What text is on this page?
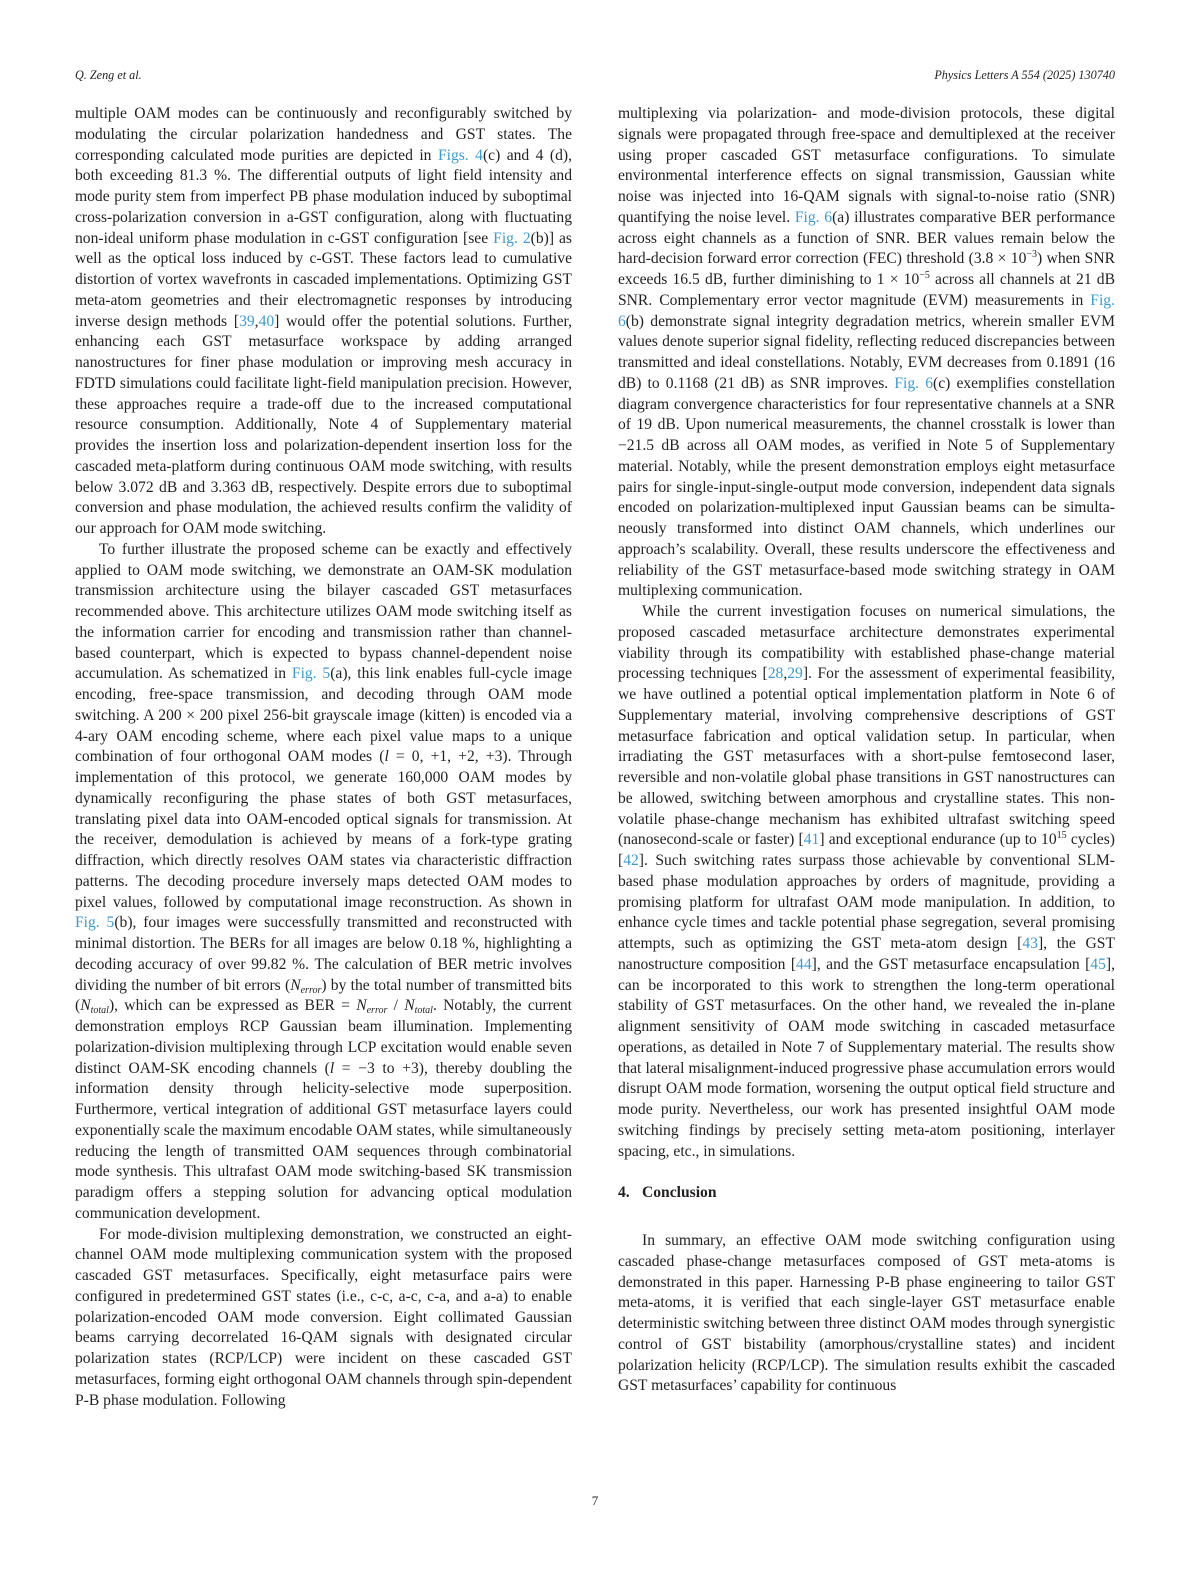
Q. Zeng et al.	Physics Letters A 554 (2025) 130740

multiple OAM modes can be continuously and reconfigurably switched by modulating the circular polarization handedness and GST states. The corresponding calculated mode purities are depicted in Figs. 4(c) and 4 (d), both exceeding 81.3 %. The differential outputs of light field intensity and mode purity stem from imperfect PB phase modulation induced by suboptimal cross-polarization conversion in a-GST configuration, along with fluctuating non-ideal uniform phase modulation in c-GST configuration [see Fig. 2(b)] as well as the optical loss induced by c-GST. These factors lead to cumulative distortion of vortex wavefronts in cascaded implementations. Optimizing GST meta-atom geometries and their electromagnetic responses by introducing inverse design methods [39,40] would offer the potential solutions. Further, enhancing each GST metasurface workspace by adding arranged nanostructures for finer phase modulation or improving mesh accuracy in FDTD simulations could facilitate light-field manipulation precision. However, these approaches require a trade-off due to the increased computational resource consumption. Additionally, Note 4 of Supplementary material provides the insertion loss and polarization-dependent insertion loss for the cascaded meta-platform during continuous OAM mode switching, with results below 3.072 dB and 3.363 dB, respectively. Despite errors due to suboptimal conversion and phase modulation, the achieved results confirm the validity of our approach for OAM mode switching.

To further illustrate the proposed scheme can be exactly and effectively applied to OAM mode switching, we demonstrate an OAM-SK modulation transmission architecture using the bilayer cascaded GST metasurfaces recommended above. This architecture utilizes OAM mode switching itself as the information carrier for encoding and transmission rather than channel-based counterpart, which is expected to bypass channel-dependent noise accumulation. As schematized in Fig. 5(a), this link enables full-cycle image encoding, free-space transmission, and decoding through OAM mode switching. A 200 × 200 pixel 256-bit grayscale image (kitten) is encoded via a 4-ary OAM encoding scheme, where each pixel value maps to a unique combination of four orthogonal OAM modes (l = 0, +1, +2, +3). Through implementation of this protocol, we generate 160,000 OAM modes by dynamically reconfiguring the phase states of both GST metasurfaces, translating pixel data into OAM-encoded optical signals for transmission. At the receiver, demodulation is achieved by means of a fork-type grating diffraction, which directly resolves OAM states via characteristic diffraction patterns. The decoding procedure inversely maps detected OAM modes to pixel values, followed by computational image reconstruction. As shown in Fig. 5(b), four images were successfully transmitted and reconstructed with minimal distortion. The BERs for all images are below 0.18 %, highlighting a decoding accuracy of over 99.82 %. The calculation of BER metric involves dividing the number of bit errors $(N_{error})$ by the total number of transmitted bits $(N_{total})$, which can be expressed as BER = $N_{error} / N_{total}$. Notably, the current demonstration employs RCP Gaussian beam illumination. Implementing polarization-division multiplexing through LCP excitation would enable seven distinct OAM-SK encoding channels (l = −3 to +3), thereby doubling the information density through helicity-selective mode superposition. Furthermore, vertical integration of additional GST metasurface layers could exponentially scale the maximum encodable OAM states, while simultaneously reducing the length of transmitted OAM sequences through combinatorial mode synthesis. This ultrafast OAM mode switching-based SK transmission paradigm offers a stepping solution for advancing optical modulation communication development.

For mode-division multiplexing demonstration, we constructed an eight-channel OAM mode multiplexing communication system with the proposed cascaded GST metasurfaces. Specifically, eight metasurface pairs were configured in predetermined GST states (i.e., c-c, a-c, c-a, and a-a) to enable polarization-encoded OAM mode conversion. Eight collimated Gaussian beams carrying decorrelated 16-QAM signals with designated circular polarization states (RCP/LCP) were incident on these cascaded GST metasurfaces, forming eight orthogonal OAM channels through spin-dependent P-B phase modulation. Following

multiplexing via polarization- and mode-division protocols, these digital signals were propagated through free-space and demultiplexed at the receiver using proper cascaded GST metasurface configurations. To simulate environmental interference effects on signal transmission, Gaussian white noise was injected into 16-QAM signals with signal-to-noise ratio (SNR) quantifying the noise level. Fig. 6(a) illustrates comparative BER performance across eight channels as a function of SNR. BER values remain below the hard-decision forward error correction (FEC) threshold $(3.8 \times 10^{-3})$ when SNR exceeds 16.5 dB, further diminishing to $1 \times 10^{-5}$ across all channels at 21 dB SNR. Complementary error vector magnitude (EVM) measurements in Fig. 6(b) demonstrate signal integrity degradation metrics, wherein smaller EVM values denote superior signal fidelity, reflecting reduced discrepancies between transmitted and ideal constellations. Notably, EVM decreases from 0.1891 (16 dB) to 0.1168 (21 dB) as SNR improves. Fig. 6(c) exemplifies constellation diagram convergence characteristics for four representative channels at a SNR of 19 dB. Upon numerical measurements, the channel crosstalk is lower than −21.5 dB across all OAM modes, as verified in Note 5 of Supplementary material. Notably, while the present demonstration employs eight metasurface pairs for single-input-single-output mode conversion, independent data signals encoded on polarization-multiplexed input Gaussian beams can be simultaneously transformed into distinct OAM channels, which underlines our approach’s scalability. Overall, these results underscore the effectiveness and reliability of the GST metasurface-based mode switching strategy in OAM multiplexing communication.

While the current investigation focuses on numerical simulations, the proposed cascaded metasurface architecture demonstrates experimental viability through its compatibility with established phase-change material processing techniques [28,29]. For the assessment of experimental feasibility, we have outlined a potential optical implementation platform in Note 6 of Supplementary material, involving comprehensive descriptions of GST metasurface fabrication and optical validation setup. In particular, when irradiating the GST metasurfaces with a short-pulse femtosecond laser, reversible and non-volatile global phase transitions in GST nanostructures can be allowed, switching between amorphous and crystalline states. This non-volatile phase-change mechanism has exhibited ultrafast switching speed (nanosecond-scale or faster) [41] and exceptional endurance (up to $10^{15}$ cycles) [42]. Such switching rates surpass those achievable by conventional SLM-based phase modulation approaches by orders of magnitude, providing a promising platform for ultrafast OAM mode manipulation. In addition, to enhance cycle times and tackle potential phase segregation, several promising attempts, such as optimizing the GST meta-atom design [43], the GST nanostructure composition [44], and the GST metasurface encapsulation [45], can be incorporated to this work to strengthen the long-term operational stability of GST metasurfaces. On the other hand, we revealed the in-plane alignment sensitivity of OAM mode switching in cascaded metasurface operations, as detailed in Note 7 of Supplementary material. The results show that lateral misalignment-induced progressive phase accumulation errors would disrupt OAM mode formation, worsening the output optical field structure and mode purity. Nevertheless, our work has presented insightful OAM mode switching findings by precisely setting meta-atom positioning, interlayer spacing, etc., in simulations.

4. Conclusion

In summary, an effective OAM mode switching configuration using cascaded phase-change metasurfaces composed of GST meta-atoms is demonstrated in this paper. Harnessing P-B phase engineering to tailor GST meta-atoms, it is verified that each single-layer GST metasurface enable deterministic switching between three distinct OAM modes through synergistic control of GST bistability (amorphous/crystalline states) and incident polarization helicity (RCP/LCP). The simulation results exhibit the cascaded GST metasurfaces’ capability for continuous

7
